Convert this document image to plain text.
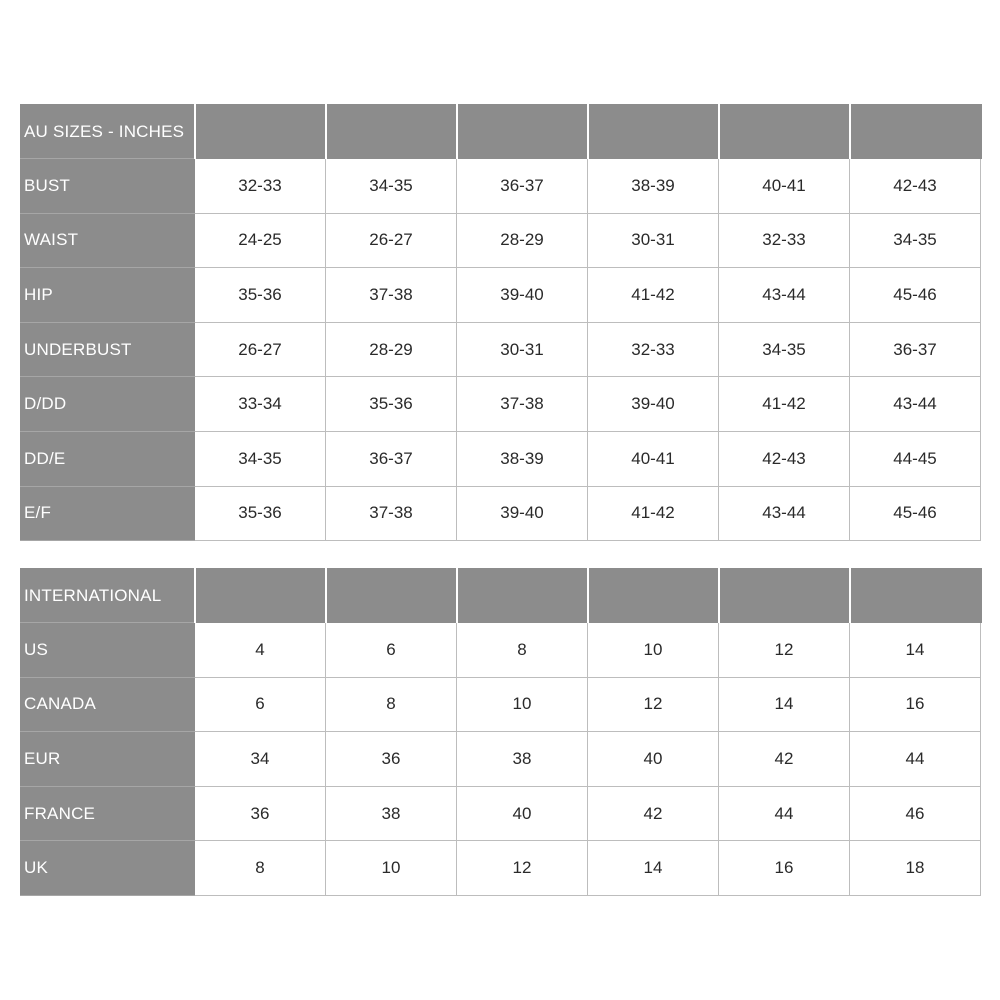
AU SIZES - INCHES						
BUST	32-33	34-35	36-37	38-39	40-41	42-43
WAIST	24-25	26-27	28-29	30-31	32-33	34-35
HIP	35-36	37-38	39-40	41-42	43-44	45-46
UNDERBUST	26-27	28-29	30-31	32-33	34-35	36-37
D/DD	33-34	35-36	37-38	39-40	41-42	43-44
DD/E	34-35	36-37	38-39	40-41	42-43	44-45
E/F	35-36	37-38	39-40	41-42	43-44	45-46
INTERNATIONAL						
US	4	6	8	10	12	14
CANADA	6	8	10	12	14	16
EUR	34	36	38	40	42	44
FRANCE	36	38	40	42	44	46
UK	8	10	12	14	16	18
